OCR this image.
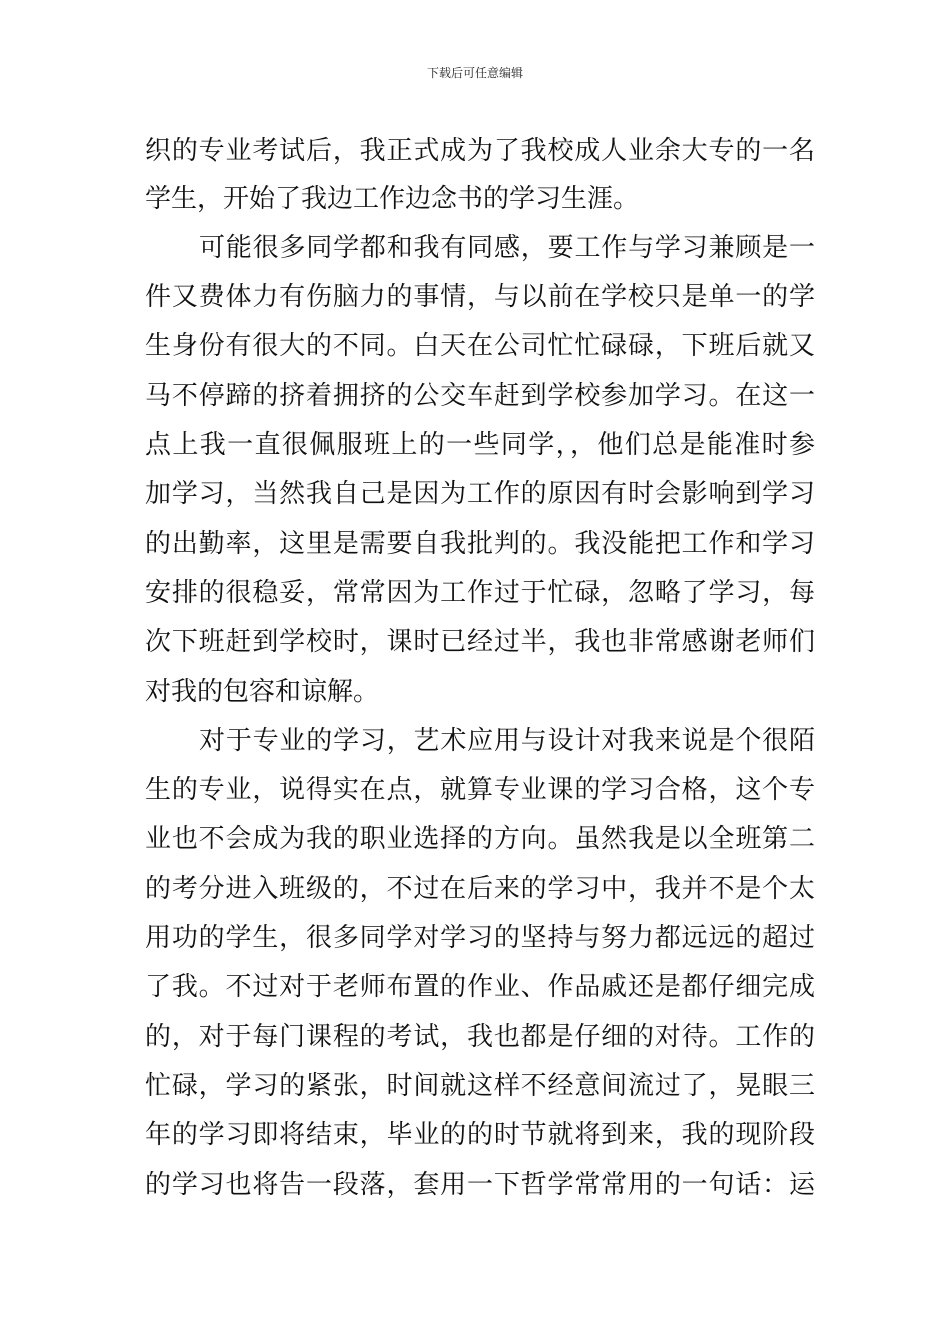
下载后可任意编辑
织的专业考试后，我正式成为了我校成人业余大专的一名
学生，开始了我边工作边念书的学习生涯。
可能很多同学都和我有同感，要工作与学习兼顾是一
件又费体力有伤脑力的事情，与以前在学校只是单一的学
生身份有很大的不同。白天在公司忙忙碌碌，下班后就又
马不停蹄的挤着拥挤的公交车赶到学校参加学习。在这一
点上我一直很佩服班上的一些同学，，他们总是能准时参
加学习，当然我自己是因为工作的原因有时会影响到学习
的出勤率，这里是需要自我批判的。我没能把工作和学习
安排的很稳妥，常常因为工作过于忙碌，忽略了学习，每
次下班赶到学校时，课时已经过半，我也非常感谢老师们
对我的包容和谅解。
对于专业的学习，艺术应用与设计对我来说是个很陌
生的专业，说得实在点，就算专业课的学习合格，这个专
业也不会成为我的职业选择的方向。虽然我是以全班第二
的考分进入班级的，不过在后来的学习中，我并不是个太
用功的学生，很多同学对学习的坚持与努力都远远的超过
了我。不过对于老师布置的作业、作品戚还是都仔细完成
的，对于每门课程的考试，我也都是仔细的对待。工作的
忙碌，学习的紧张，时间就这样不经意间流过了，晃眼三
年的学习即将结束，毕业的的时节就将到来，我的现阶段
的学习也将告一段落，套用一下哲学常常用的一句话：运
